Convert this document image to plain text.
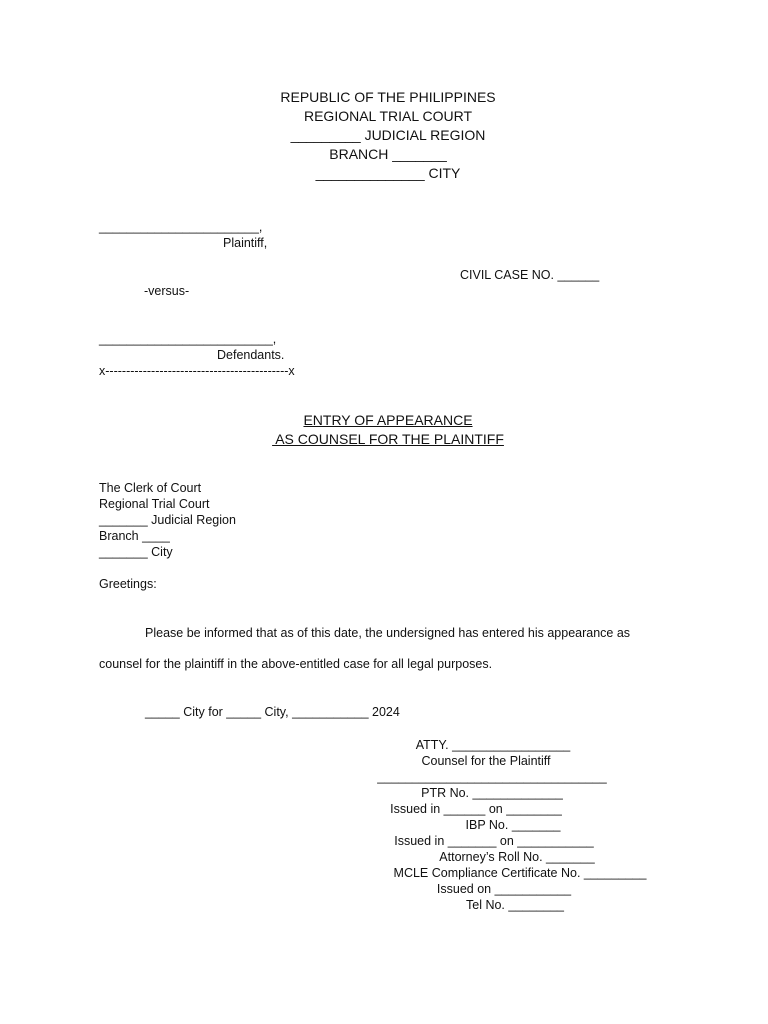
REPUBLIC OF THE PHILIPPINES
REGIONAL TRIAL COURT
_________ JUDICIAL REGION
BRANCH _______
______________ CITY
_______________________,
Plaintiff,
CIVIL CASE NO. ______
-versus-
_________________________,
Defendants.
x--------------------------------------------x
ENTRY OF APPEARANCE
AS COUNSEL FOR THE PLAINTIFF
The Clerk of Court
Regional Trial Court
_______ Judicial Region
Branch ____
_______ City
Greetings:
Please be informed that as of this date, the undersigned has entered his appearance as
counsel for the plaintiff in the above-entitled case for all legal purposes.
_____ City for _____ City, ___________ 2024
ATTY. _________________
Counsel for the Plaintiff
_________________________________
PTR No. _____________
Issued in ______ on ________
IBP No. _______
Issued in _______ on ___________
Attorney’s Roll No. _______
MCLE Compliance Certificate No. _________
Issued on ___________
Tel No. ________
